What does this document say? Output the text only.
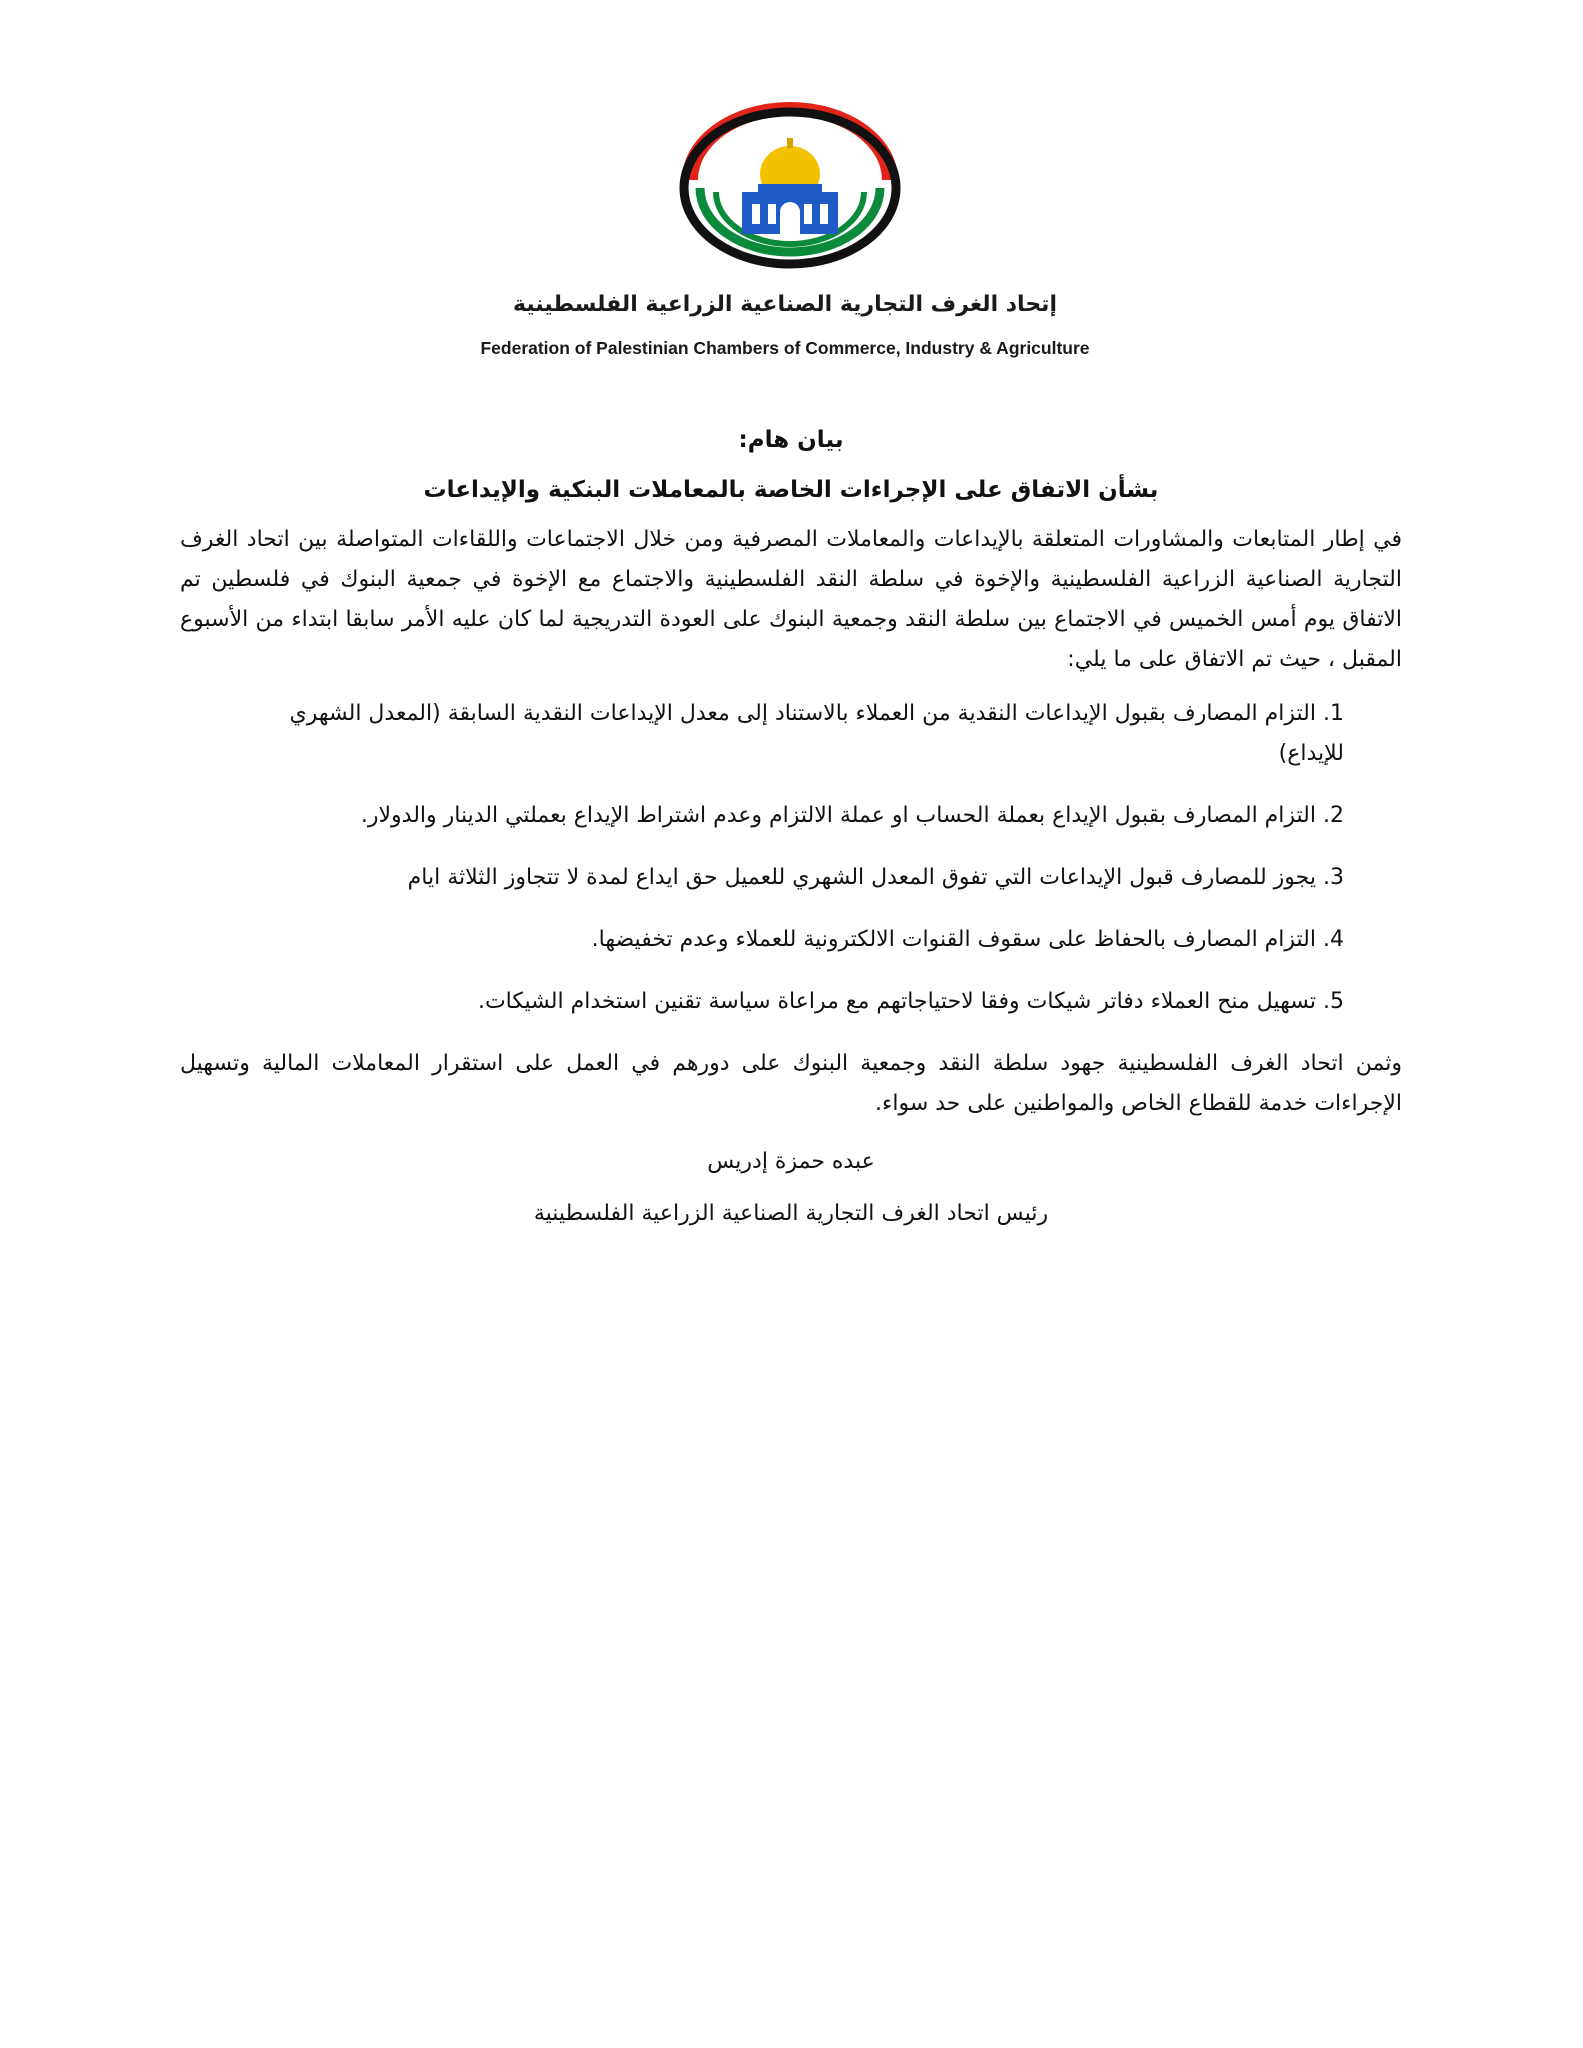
إتحاد الغرف التجارية الصناعية الزراعية الفلسطينية
Federation of Palestinian Chambers of Commerce, Industry & Agriculture
بيان هام:
بشأن الاتفاق على الإجراءات الخاصة بالمعاملات البنكية والإيداعات

في إطار المتابعات والمشاورات المتعلقة بالإيداعات والمعاملات المصرفية ومن خلال الاجتماعات واللقاءات المتواصلة بين اتحاد الغرف التجارية الصناعية الزراعية الفلسطينية والإخوة في سلطة النقد الفلسطينية والاجتماع مع الإخوة في جمعية البنوك في فلسطين تم الاتفاق يوم أمس الخميس في الاجتماع بين سلطة النقد وجمعية البنوك على العودة التدريجية لما كان عليه الأمر سابقا ابتداء من الأسبوع المقبل ، حيث تم الاتفاق على ما يلي:

1. التزام المصارف بقبول الإيداعات النقدية من العملاء بالاستناد إلى معدل الإيداعات النقدية السابقة (المعدل الشهري للإيداع)
2. التزام المصارف بقبول الإيداع بعملة الحساب او عملة الالتزام وعدم اشتراط الإيداع بعملتي الدينار والدولار.
3. يجوز للمصارف قبول الإيداعات التي تفوق المعدل الشهري للعميل حق ايداع لمدة لا تتجاوز الثلاثة ايام
4. التزام المصارف بالحفاظ على سقوف القنوات الالكترونية للعملاء وعدم تخفيضها.
5. تسهيل منح العملاء دفاتر شيكات وفقا لاحتياجاتهم مع مراعاة سياسة تقنين استخدام الشيكات.

وثمن اتحاد الغرف الفلسطينية جهود سلطة النقد وجمعية البنوك على دورهم في العمل على استقرار المعاملات المالية وتسهيل الإجراءات خدمة للقطاع الخاص والمواطنين على حد سواء.

عبده حمزة إدريس

رئيس اتحاد الغرف التجارية الصناعية الزراعية الفلسطينية
